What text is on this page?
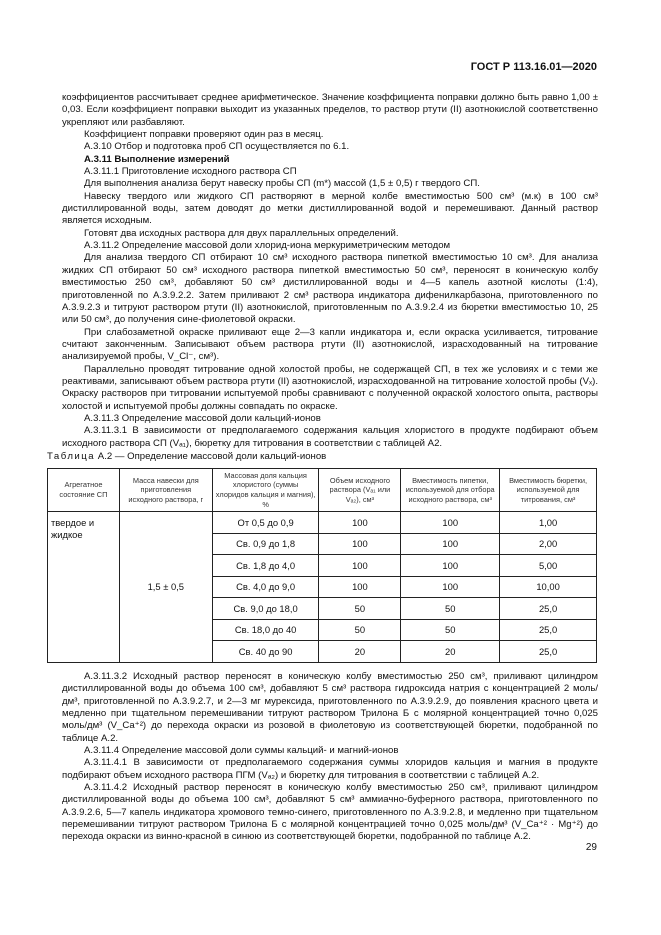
ГОСТ Р 113.16.01—2020

коэффициентов рассчитывает среднее арифметическое. Значение коэффициента поправки должно быть равно 1,00 ± 0,03. Если коэффициент поправки выходит из указанных пределов, то раствор ртути (II) азотнокислой соответственно укрепляют или разбавляют.

Коэффициент поправки проверяют один раз в месяц.

А.3.10 Отбор и подготовка проб СП осуществляется по 6.1.

А.3.11 Выполнение измерений

А.3.11.1 Приготовление исходного раствора СП

Для выполнения анализа берут навеску пробы СП (m*) массой (1,5 ± 0,5) г твердого СП.

Навеску твердого или жидкого СП растворяют в мерной колбе вместимостью 500 см³ (м.к) в 100 см³ дистиллированной воды, затем доводят до метки дистиллированной водой и перемешивают. Данный раствор является исходным.

Готовят два исходных раствора для двух параллельных определений.

А.3.11.2 Определение массовой доли хлорид-иона меркуриметрическим методом

Для анализа твердого СП отбирают 10 см³ исходного раствора пипеткой вместимостью 10 см³. Для анализа жидких СП отбирают 50 см³ исходного раствора пипеткой вместимостью 50 см³, переносят в коническую колбу вместимостью 250 см³, добавляют 50 см³ дистиллированной воды и 4—5 капель азотной кислоты (1:4), приготовленной по А.3.9.2.2. Затем приливают 2 см³ раствора индикатора дифенилкарбазона, приготовленного по А.3.9.2.3 и титруют раствором ртути (II) азотнокислой, приготовленным по А.3.9.2.4 из бюретки вместимостью 10, 25 или 50 см³, до получения сине-фиолетовой окраски.

При слабозаметной окраске приливают еще 2—3 капли индикатора и, если окраска усиливается, титрование считают законченным. Записывают объем раствора ртути (II) азотнокислой, израсходованный на титрование анализируемой пробы, V_Cl⁻, см³).

Параллельно проводят титрование одной холостой пробы, не содержащей СП, в тех же условиях и с теми же реактивами, записывают объем раствора ртути (II) азотнокислой, израсходованной на титрование холостой пробы (Vₓ). Окраску растворов при титровании испытуемой пробы сравнивают с полученной окраской холостого опыта, растворы холостой и испытуемой пробы должны совпадать по окраске.

А.3.11.3 Определение массовой доли кальций-ионов

А.3.11.3.1 В зависимости от предполагаемого содержания кальция хлористого в продукте подбирают объем исходного раствора СП (Vₐ₁), бюретку для титрования в соответствии с таблицей А2.

Таблица А.2 — Определение массовой доли кальций-ионов
Агрегатное состояние СП	Масса навески для приготовления исходного раствора, г	Массовая доля кальция хлористого (суммы хлоридов кальция и магния), %	Объем исходного раствора (Vₐ₁ или Vₐ₂), см³	Вместимость пипетки, используемой для отбора исходного раствора, см³	Вместимость бюретки, используемой для титрования, см³
твердое и жидкое	1,5 ± 0,5	От 0,5 до 0,9	100	100	1,00
		Св. 0,9 до 1,8	100	100	2,00
		Св. 1,8 до 4,0	100	100	5,00
		Св. 4,0 до 9,0	100	100	10,00
		Св. 9,0 до 18,0	50	50	25,0
		Св. 18,0 до 40	50	50	25,0
		Св. 40 до 90	20	20	25,0

А.3.11.3.2 Исходный раствор переносят в коническую колбу вместимостью 250 см³, приливают цилиндром дистиллированной воды до объема 100 см³, добавляют 5 см³ раствора гидроксида натрия с концентрацией 2 моль/дм³, приготовленной по А.3.9.2.7, и 2—3 мг мурексида, приготовленного по А.3.9.2.9, до появления красного цвета и медленно при тщательном перемешивании титруют раствором Трилона Б с молярной концентрацией точно 0,025 моль/дм³ (V_Ca⁺²) до перехода окраски из розовой в фиолетовую из соответствующей бюретки, подобранной по таблице А.2.

А.3.11.4 Определение массовой доли суммы кальций- и магний-ионов

А.3.11.4.1 В зависимости от предполагаемого содержания суммы хлоридов кальция и магния в продукте подбирают объем исходного раствора ПГМ (Vₐ₂) и бюретку для титрования в соответствии с таблицей А.2.

А.3.11.4.2 Исходный раствор переносят в коническую колбу вместимостью 250 см³, приливают цилиндром дистиллированной воды до объема 100 см³, добавляют 5 см³ аммиачно-буферного раствора, приготовленного по А.3.9.2.6, 5—7 капель индикатора хромового темно-синего, приготовленного по А.3.9.2.8, и медленно при тщательном перемешивании титруют раствором Трилона Б с молярной концентрацией точно 0,025 моль/дм³ (V_Ca⁺² · Mg⁺²) до перехода окраски из винно-красной в синюю из соответствующей бюретки, подобранной по таблице А.2.

29
